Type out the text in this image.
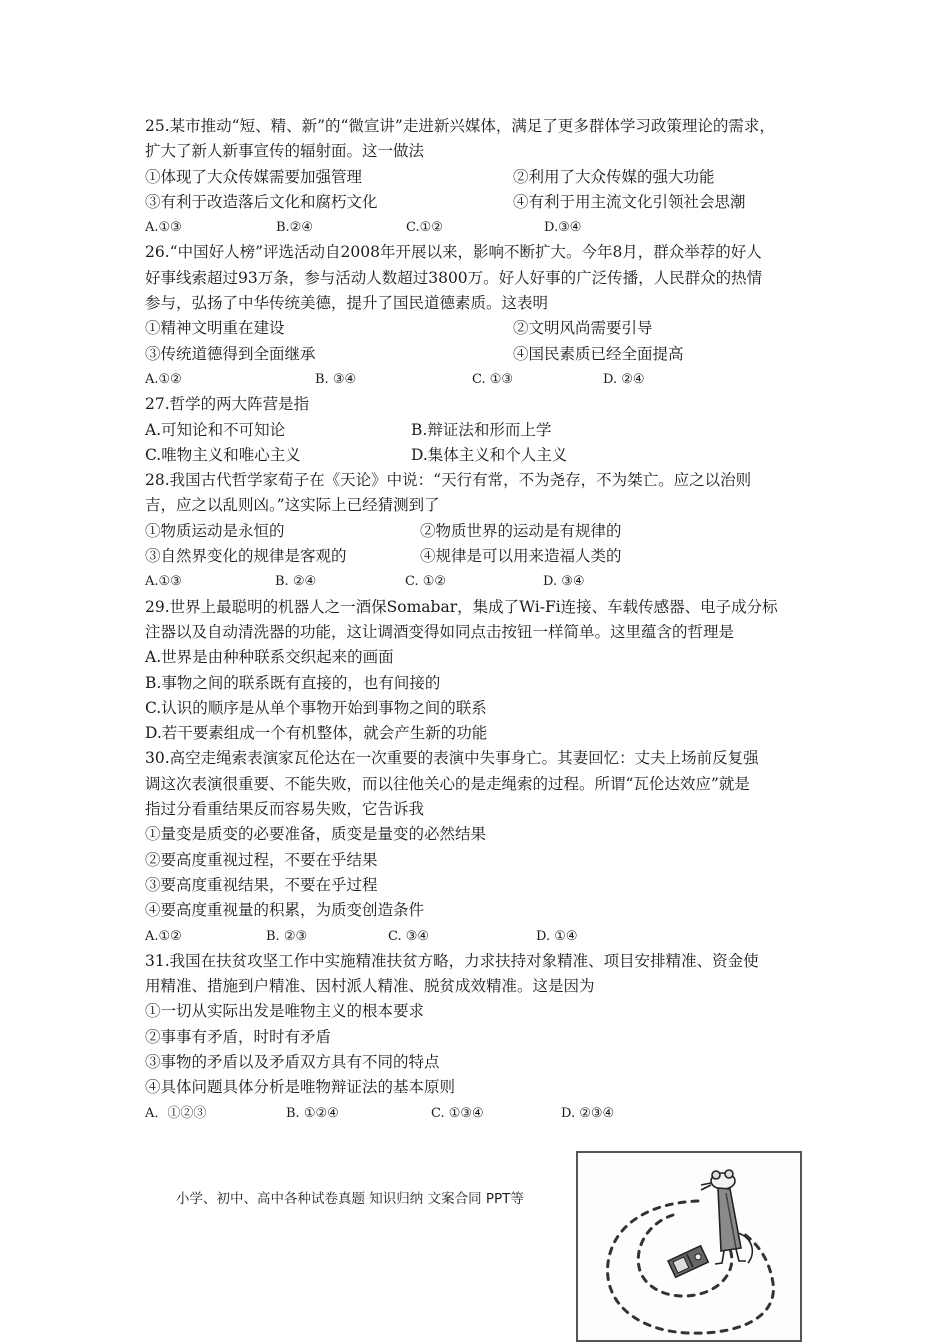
25.某市推动“短、精、新”的“微宣讲”走进新兴媒体，满足了更多群体学习政策理论的需求，
扩大了新人新事宣传的辐射面。这一做法
①体现了大众传媒需要加强管理	②利用了大众传媒的强大功能
③有利于改造落后文化和腐朽文化	④有利于用主流文化引领社会思潮
A.①③	B.②④	C.①②	D.③④
26.“中国好人榜”评选活动自2008年开展以来，影响不断扩大。今年8月，群众举荐的好人
好事线索超过93万条，参与活动人数超过3800万。好人好事的广泛传播，人民群众的热情
参与，弘扬了中华传统美德，提升了国民道德素质。这表明
①精神文明重在建设	②文明风尚需要引导
③传统道德得到全面继承	④国民素质已经全面提高
A.①②	B. ③④	C. ①③	D. ②④
27.哲学的两大阵营是指
A.可知论和不可知论	B.辩证法和形而上学
C.唯物主义和唯心主义	D.集体主义和个人主义
28.我国古代哲学家荀子在《天论》中说：“天行有常，不为尧存，不为桀亡。应之以治则
吉，应之以乱则凶。”这实际上已经猜测到了
①物质运动是永恒的	②物质世界的运动是有规律的
③自然界变化的规律是客观的	④规律是可以用来造福人类的
A.①③	B. ②④	C. ①②	D. ③④
29.世界上最聪明的机器人之一酒保Somabar，集成了Wi-Fi连接、车载传感器、电子成分标
注器以及自动清洗器的功能，这让调酒变得如同点击按钮一样简单。这里蕴含的哲理是
A.世界是由种种联系交织起来的画面
B.事物之间的联系既有直接的，也有间接的
C.认识的顺序是从单个事物开始到事物之间的联系
D.若干要素组成一个有机整体，就会产生新的功能
30.高空走绳索表演家瓦伦达在一次重要的表演中失事身亡。其妻回忆：丈夫上场前反复强
调这次表演很重要、不能失败，而以往他关心的是走绳索的过程。所谓“瓦伦达效应”就是
指过分看重结果反而容易失败，它告诉我
①量变是质变的必要准备，质变是量变的必然结果
②要高度重视过程，不要在乎结果
③要高度重视结果，不要在乎过程
④要高度重视量的积累，为质变创造条件
A.①②	B. ②③	C. ③④	D. ①④
31.我国在扶贫攻坚工作中实施精准扶贫方略，力求扶持对象精准、项目安排精准、资金使
用精准、措施到户精准、因村派人精准、脱贫成效精准。这是因为
①一切从实际出发是唯物主义的根本要求
②事事有矛盾，时时有矛盾
③事物的矛盾以及矛盾双方具有不同的特点
④具体问题具体分析是唯物辩证法的基本原则
A．①②③	B. ①②④	C. ①③④	D. ②③④
小学、初中、高中各种试卷真题 知识归纳 文案合同 PPT等
